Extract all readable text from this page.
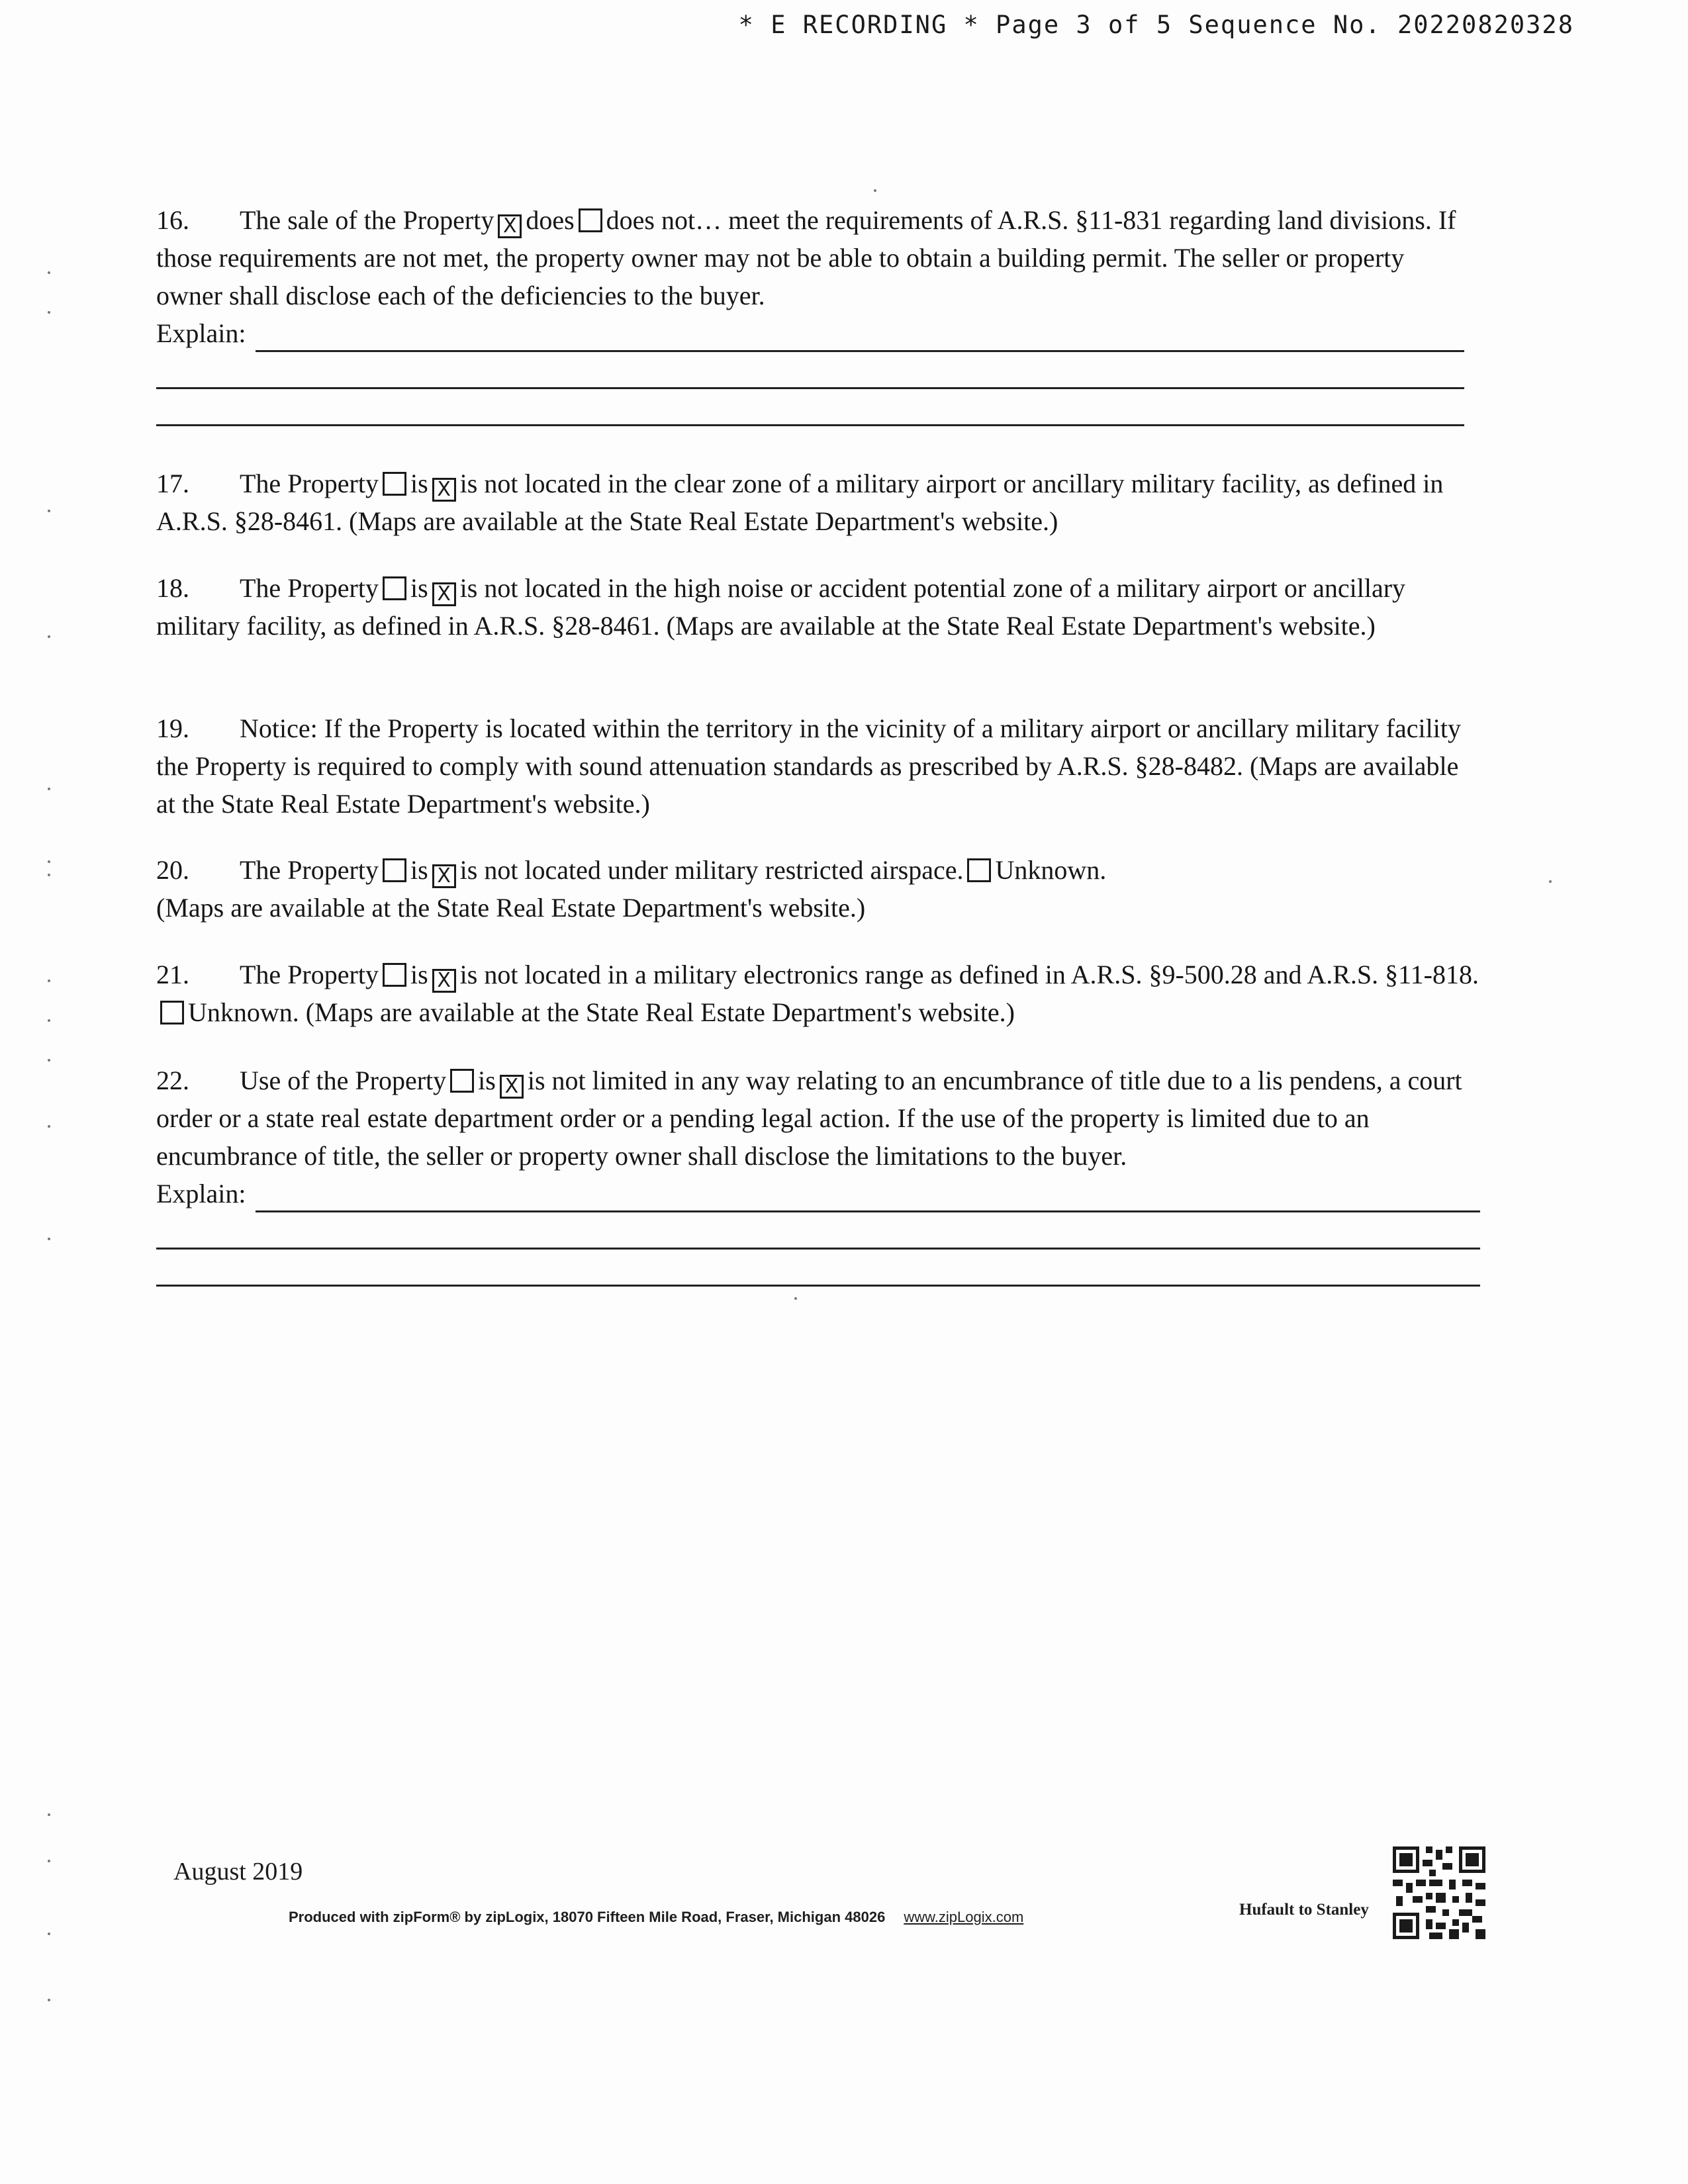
* E RECORDING * Page 3 of 5 Sequence No. 20220820328
16. The sale of the Property X does does not… meet the requirements of A.R.S. §11-831 regarding land divisions. If those requirements are not met, the property owner may not be able to obtain a building permit. The seller or property owner shall disclose each of the deficiencies to the buyer.
Explain:
17. The Property is X is not located in the clear zone of a military airport or ancillary military facility, as defined in A.R.S. §28-8461. (Maps are available at the State Real Estate Department's website.)
18. The Property is X is not located in the high noise or accident potential zone of a military airport or ancillary military facility, as defined in A.R.S. §28-8461. (Maps are available at the State Real Estate Department's website.)
19. Notice: If the Property is located within the territory in the vicinity of a military airport or ancillary military facility the Property is required to comply with sound attenuation standards as prescribed by A.R.S. §28-8482. (Maps are available at the State Real Estate Department's website.)
20. The Property is X is not located under military restricted airspace. Unknown.
(Maps are available at the State Real Estate Department's website.)
21. The Property is X is not located in a military electronics range as defined in A.R.S. §9-500.28 and A.R.S. §11-818.Unknown. (Maps are available at the State Real Estate Department's website.)
22. Use of the Property is X is not limited in any way relating to an encumbrance of title due to a lis pendens, a court order or a state real estate department order or a pending legal action. If the use of the property is limited due to an encumbrance of title, the seller or property owner shall disclose the limitations to the buyer.
Explain:
August 2019
Produced with zipForm® by zipLogix, 18070 Fifteen Mile Road, Fraser, Michigan 48026 www.zipLogix.com	Hufault to Stanley
